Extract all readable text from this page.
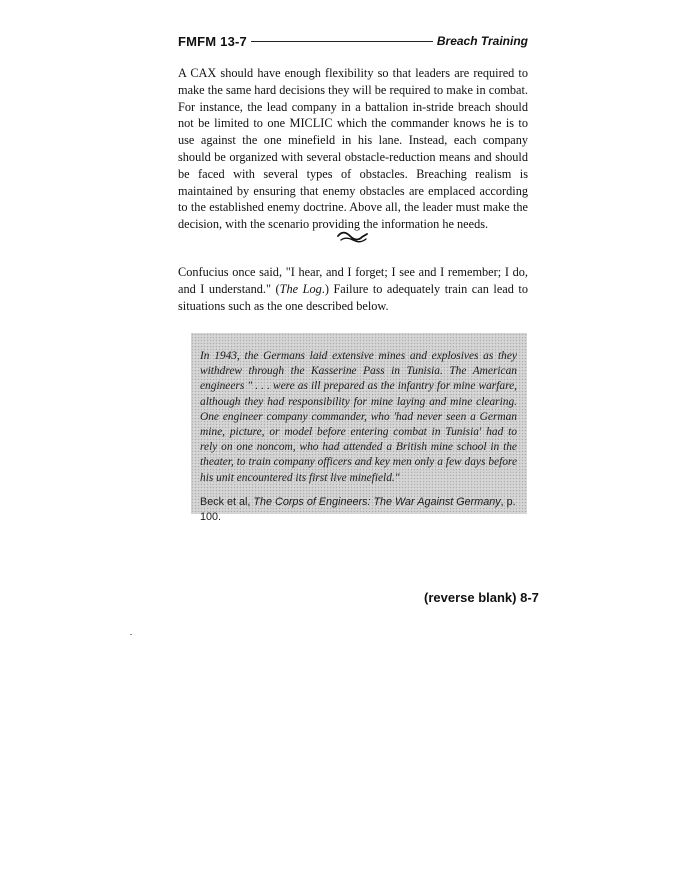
FMFM 13-7	Breach Training

A CAX should have enough flexibility so that leaders are required to make the same hard decisions they will be required to make in combat. For instance, the lead company in a battalion in-stride breach should not be limited to one MICLIC which the commander knows he is to use against the one minefield in his lane. Instead, each company should be organized with several obstacle-reduction means and should be faced with several types of obstacles. Breaching realism is maintained by ensuring that enemy obstacles are emplaced according to the established enemy doctrine. Above all, the leader must make the decision, with the scenario providing the information he needs.

Confucius once said, "I hear, and I forget; I see and I remember; I do, and I understand." (The Log.) Failure to adequately train can lead to situations such as the one described below.

In 1943, the Germans laid extensive mines and explosives as they withdrew through the Kasserine Pass in Tunisia. The American engineers " . . . were as ill prepared as the infantry for mine warfare, although they had responsibility for mine laying and mine clearing. One engineer company commander, who 'had never seen a German mine, picture, or model before entering combat in Tunisia' had to rely on one noncom, who had attended a British mine school in the theater, to train company officers and key men only a few days before his unit encountered its first live minefield."

Beck et al, The Corps of Engineers: The War Against Germany, p. 100.

(reverse blank) 8-7
